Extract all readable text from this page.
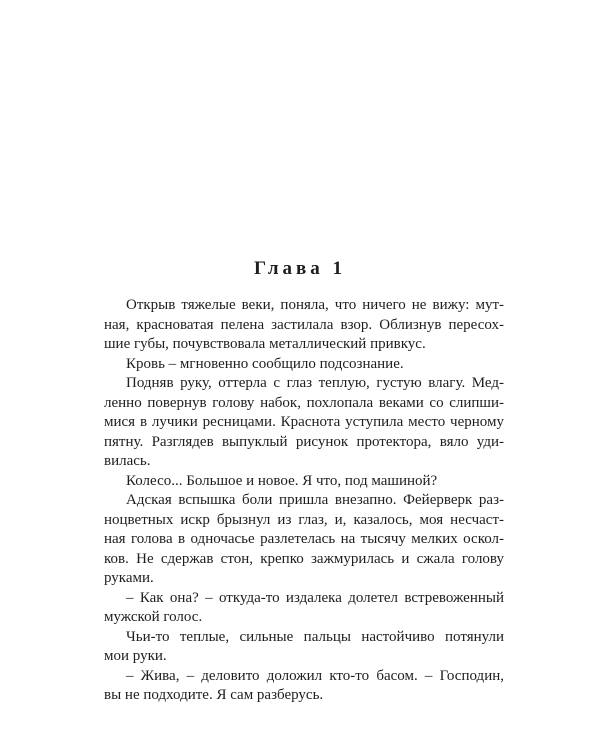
Глава 1

Открыв тяжелые веки, поняла, что ничего не вижу: мут-
ная, красноватая пелена застилала взор. Облизнув пересох-
шие губы, почувствовала металлический привкус.

Кровь – мгновенно сообщило подсознание.

Подняв руку, оттерла с глаз теплую, густую влагу. Мед-
ленно повернув голову набок, похлопала веками со слипши-
мися в лучики ресницами. Краснота уступила место черному
пятну. Разглядев выпуклый рисунок протектора, вяло уди-
вилась.

Колесо... Большое и новое. Я что, под машиной?

Адская вспышка боли пришла внезапно. Фейерверк раз-
ноцветных искр брызнул из глаз, и, казалось, моя несчаст-
ная голова в одночасье разлетелась на тысячу мелких оскол-
ков. Не сдержав стон, крепко зажмурилась и сжала голову
руками.

– Как она? – откуда-то издалека долетел встревоженный
мужской голос.

Чьи-то теплые, сильные пальцы настойчиво потянули
мои руки.

– Жива, – деловито доложил кто-то басом. – Господин,
вы не подходите. Я сам разберусь.
